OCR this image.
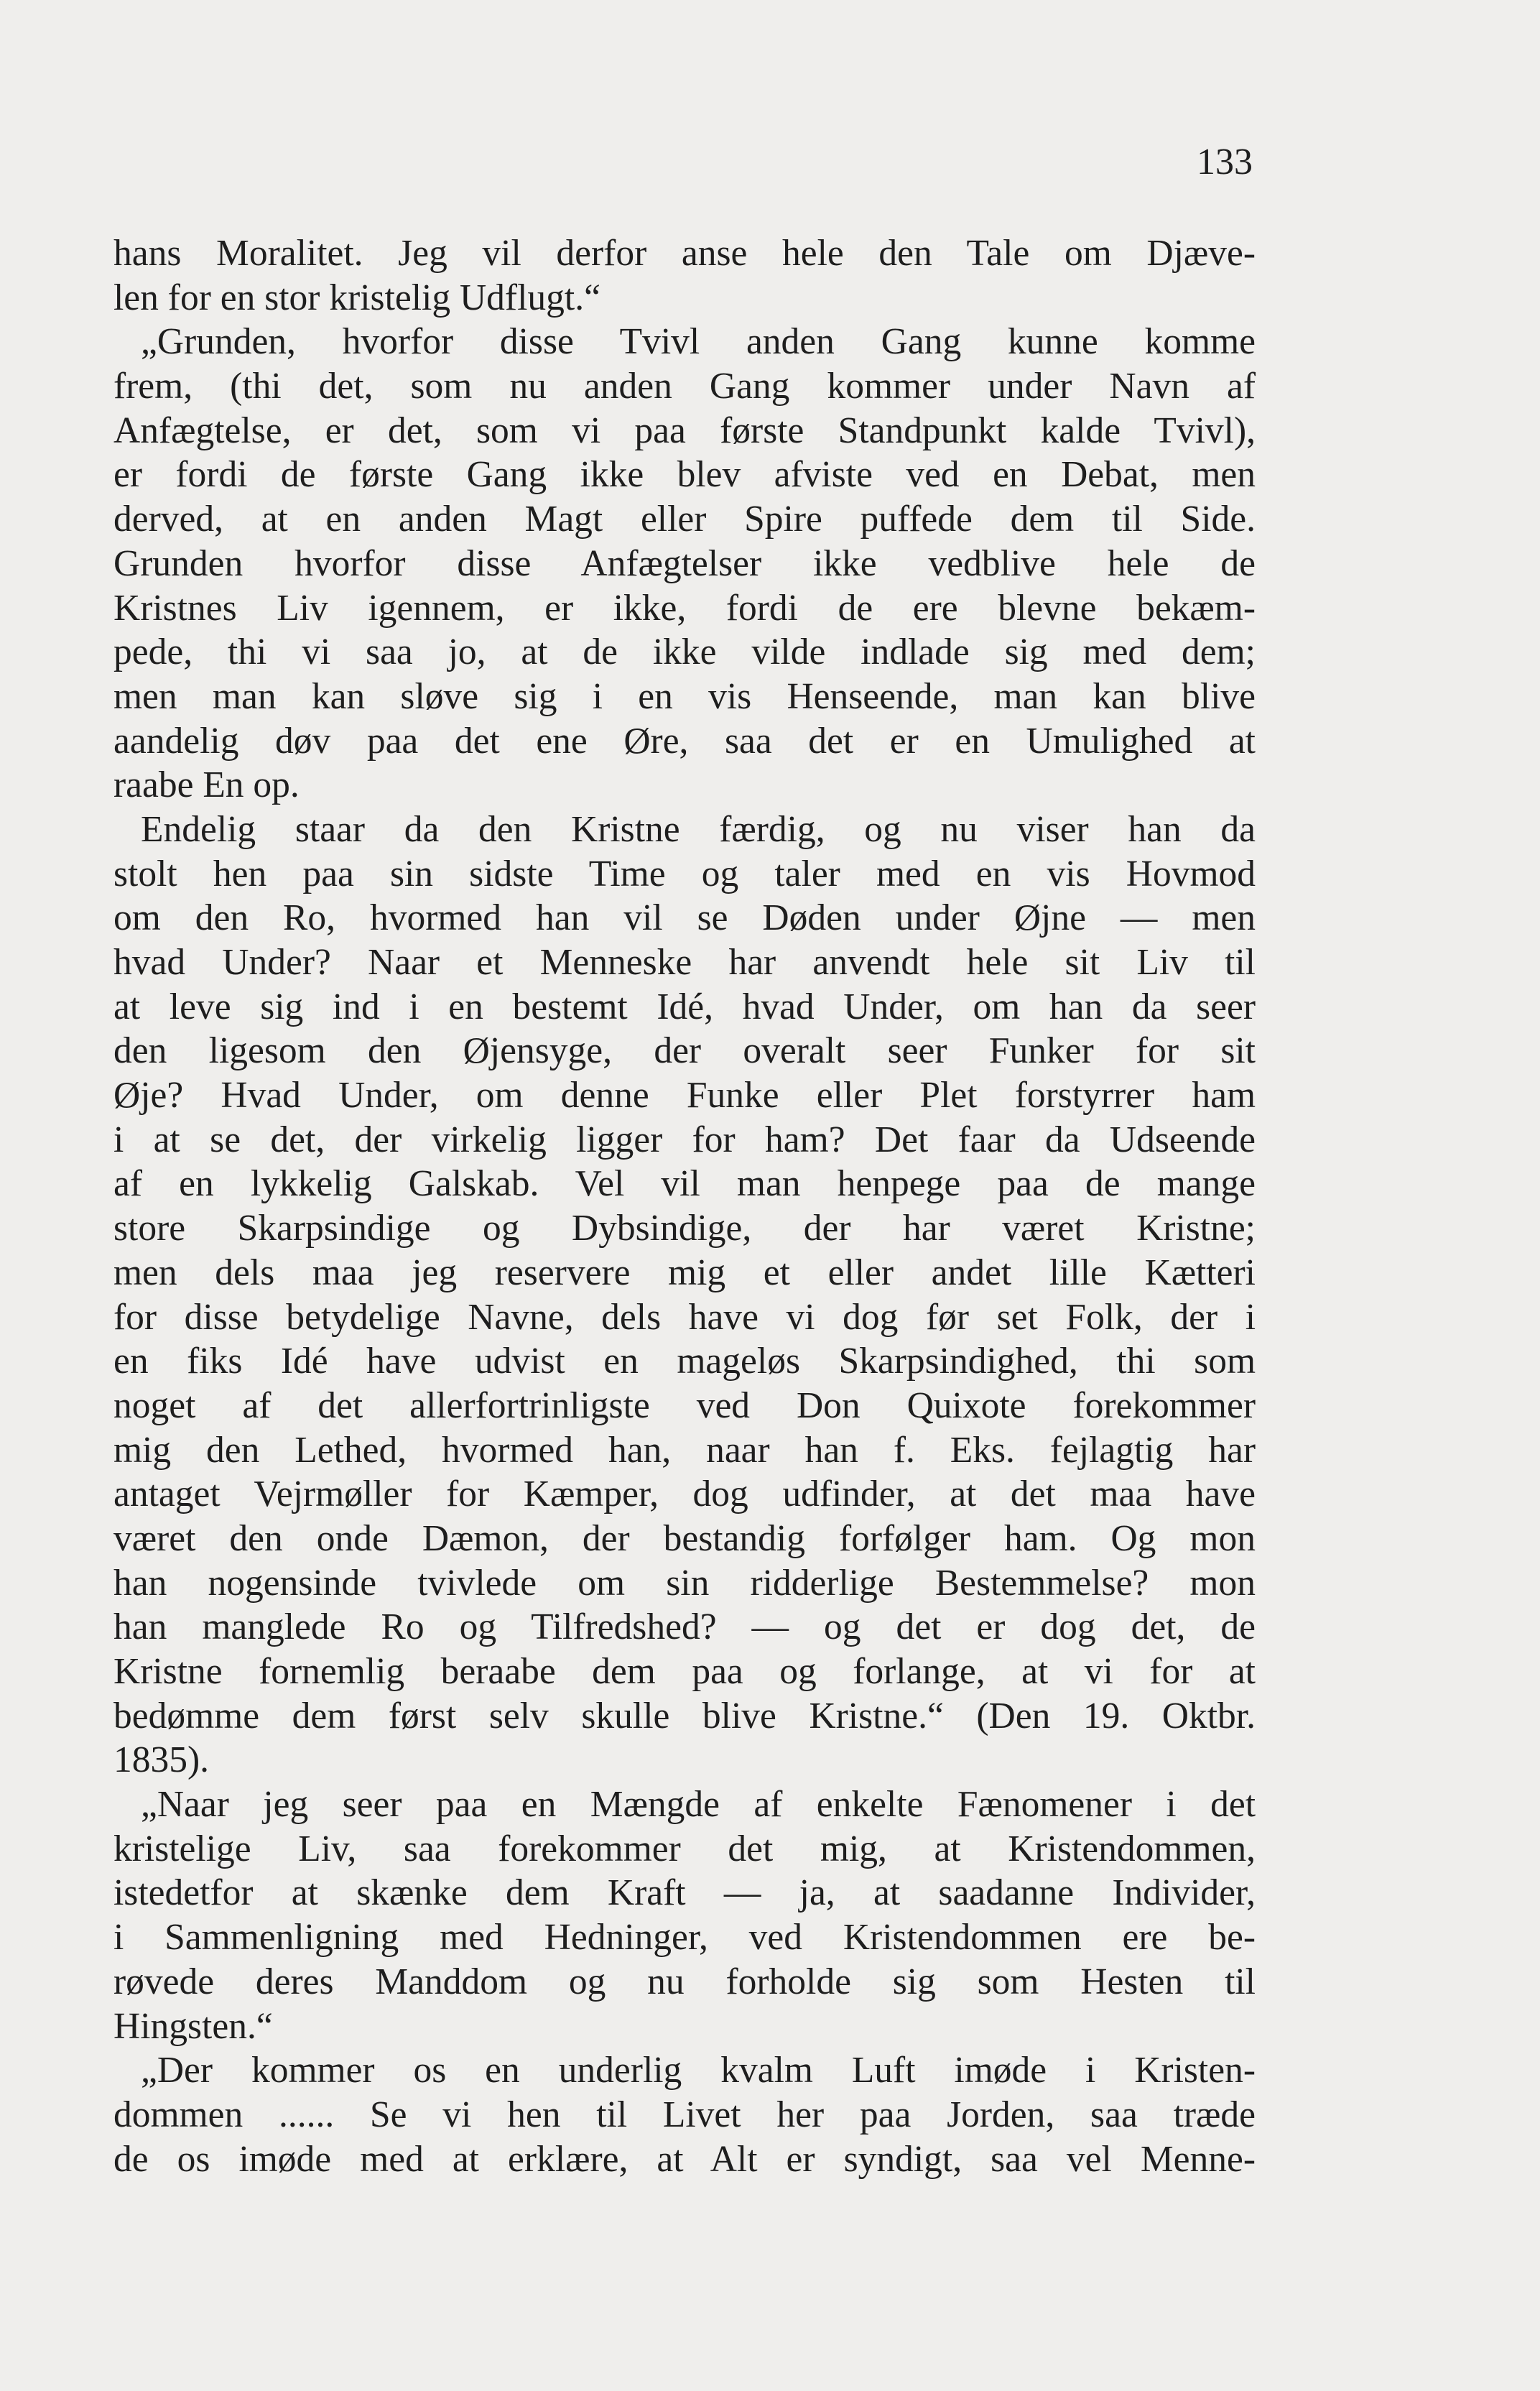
133
hans Moralitet. Jeg vil derfor anse hele den Tale om Djæve-
len for en stor kristelig Udflugt.“
„Grunden, hvorfor disse Tvivl anden Gang kunne komme
frem, (thi det, som nu anden Gang kommer under Navn af
Anfægtelse, er det, som vi paa første Standpunkt kalde Tvivl),
er fordi de første Gang ikke blev afviste ved en Debat, men
derved, at en anden Magt eller Spire puffede dem til Side.
Grunden hvorfor disse Anfægtelser ikke vedblive hele de
Kristnes Liv igennem, er ikke, fordi de ere blevne bekæm-
pede, thi vi saa jo, at de ikke vilde indlade sig med dem;
men man kan sløve sig i en vis Henseende, man kan blive
aandelig døv paa det ene Øre, saa det er en Umulighed at
raabe En op.
Endelig staar da den Kristne færdig, og nu viser han da
stolt hen paa sin sidste Time og taler med en vis Hovmod
om den Ro, hvormed han vil se Døden under Øjne — men
hvad Under? Naar et Menneske har anvendt hele sit Liv til
at leve sig ind i en bestemt Idé, hvad Under, om han da seer
den ligesom den Øjensyge, der overalt seer Funker for sit
Øje? Hvad Under, om denne Funke eller Plet forstyrrer ham
i at se det, der virkelig ligger for ham? Det faar da Udseende
af en lykkelig Galskab. Vel vil man henpege paa de mange
store Skarpsindige og Dybsindige, der har været Kristne;
men dels maa jeg reservere mig et eller andet lille Kætteri
for disse betydelige Navne, dels have vi dog før set Folk, der i
en fiks Idé have udvist en mageløs Skarpsindighed, thi som
noget af det allerfortrinligste ved Don Quixote forekommer
mig den Lethed, hvormed han, naar han f. Eks. fejlagtig har
antaget Vejrmøller for Kæmper, dog udfinder, at det maa have
været den onde Dæmon, der bestandig forfølger ham. Og mon
han nogensinde tvivlede om sin ridderlige Bestemmelse? mon
han manglede Ro og Tilfredshed? — og det er dog det, de
Kristne fornemlig beraabe dem paa og forlange, at vi for at
bedømme dem først selv skulle blive Kristne.“ (Den 19. Oktbr.
1835).
„Naar jeg seer paa en Mængde af enkelte Fænomener i det
kristelige Liv, saa forekommer det mig, at Kristendommen,
istedetfor at skænke dem Kraft — ja, at saadanne Individer,
i Sammenligning med Hedninger, ved Kristendommen ere be-
røvede deres Manddom og nu forholde sig som Hesten til
Hingsten.“
„Der kommer os en underlig kvalm Luft imøde i Kristen-
dommen ...... Se vi hen til Livet her paa Jorden, saa træde
de os imøde med at erklære, at Alt er syndigt, saa vel Menne-
